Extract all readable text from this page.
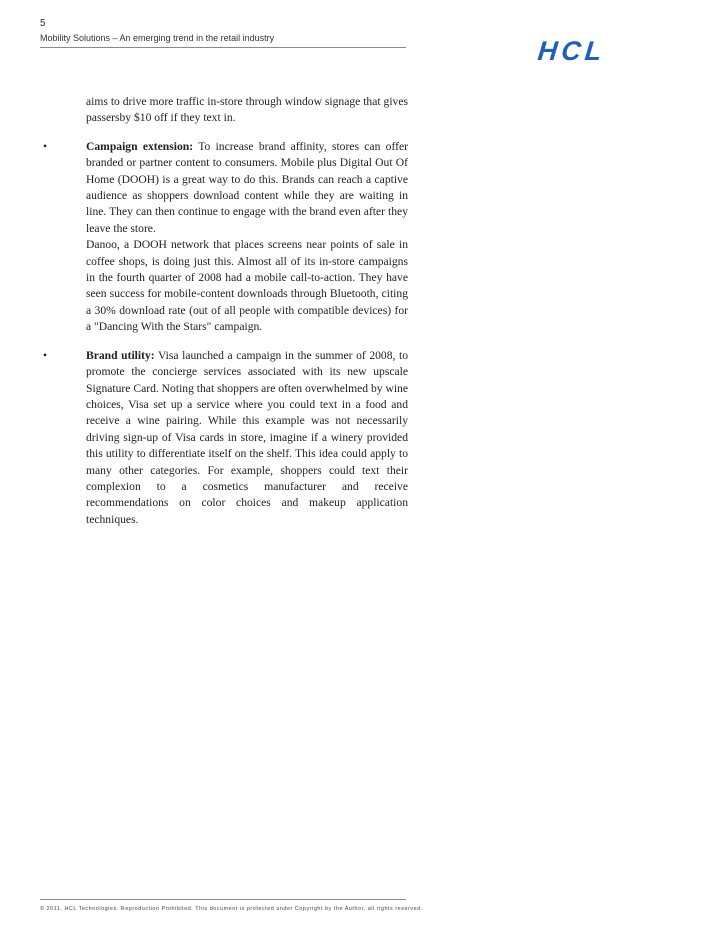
5
Mobility Solutions – An emerging trend in the retail industry	HCL

aims to drive more traffic in-store through window signage that gives passersby $10 off if they text in.

•	Campaign extension: To increase brand affinity, stores can offer branded or partner content to consumers. Mobile plus Digital Out Of Home (DOOH) is a great way to do this. Brands can reach a captive audience as shoppers download content while they are waiting in line. They can then continue to engage with the brand even after they leave the store.

Danoo, a DOOH network that places screens near points of sale in coffee shops, is doing just this. Almost all of its in-store campaigns in the fourth quarter of 2008 had a mobile call-to-action. They have seen success for mobile-content downloads through Bluetooth, citing a 30% download rate (out of all people with compatible devices) for a "Dancing With the Stars" campaign.

•	Brand utility: Visa launched a campaign in the summer of 2008, to promote the concierge services associated with its new upscale Signature Card. Noting that shoppers are often overwhelmed by wine choices, Visa set up a service where you could text in a food and receive a wine pairing. While this example was not necessarily driving sign-up of Visa cards in store, imagine if a winery provided this utility to differentiate itself on the shelf. This idea could apply to many other categories. For example, shoppers could text their complexion to a cosmetics manufacturer and receive recommendations on color choices and makeup application techniques.

© 2011, HCL Technologies. Reproduction Prohibited. This document is protected under Copyright by the Author, all rights reserved.
